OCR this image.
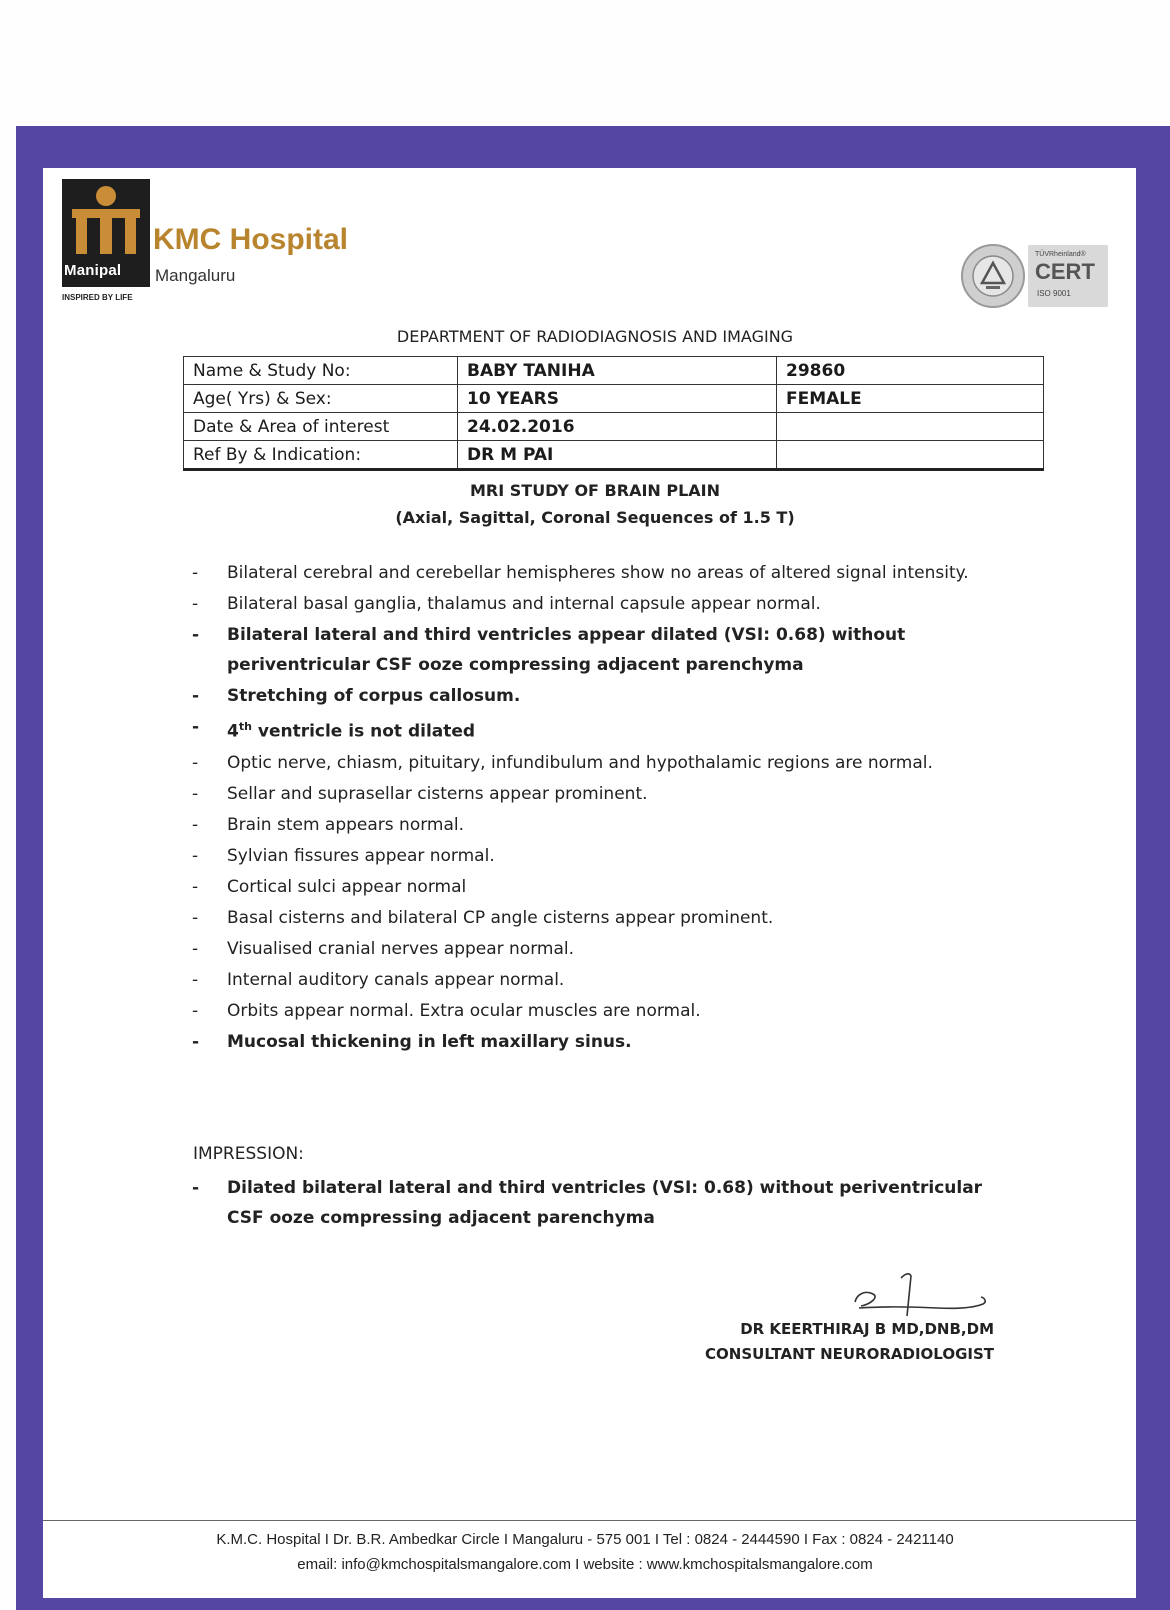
Manipal
INSPIRED BY LIFE
KMC Hospital
Mangaluru
TÜVRheinland®
CERT
ISO 9001
DEPARTMENT OF RADIODIAGNOSIS AND IMAGING
Name & Study No:	BABY TANIHA	29860
Age( Yrs) & Sex:	10 YEARS	FEMALE
Date & Area of interest	24.02.2016	
Ref By & Indication:	DR M PAI	
MRI STUDY OF BRAIN PLAIN
(Axial, Sagittal, Coronal Sequences of 1.5 T)
- Bilateral cerebral and cerebellar hemispheres show no areas of altered signal intensity.
- Bilateral basal ganglia, thalamus and internal capsule appear normal.
- Bilateral lateral and third ventricles appear dilated (VSI: 0.68) without periventricular CSF ooze compressing adjacent parenchyma
- Stretching of corpus callosum.
- 4th ventricle is not dilated
- Optic nerve, chiasm, pituitary, infundibulum and hypothalamic regions are normal.
- Sellar and suprasellar cisterns appear prominent.
- Brain stem appears normal.
- Sylvian fissures appear normal.
- Cortical sulci appear normal
- Basal cisterns and bilateral CP angle cisterns appear prominent.
- Visualised cranial nerves appear normal.
- Internal auditory canals appear normal.
- Orbits appear normal. Extra ocular muscles are normal.
- Mucosal thickening in left maxillary sinus.
IMPRESSION:
- Dilated bilateral lateral and third ventricles (VSI: 0.68) without periventricular CSF ooze compressing adjacent parenchyma
DR KEERTHIRAJ B MD,DNB,DM
CONSULTANT NEURORADIOLOGIST
K.M.C. Hospital I Dr. B.R. Ambedkar Circle I Mangaluru - 575 001 I Tel : 0824 - 2444590 I Fax : 0824 - 2421140
email: info@kmchospitalsmangalore.com I website : www.kmchospitalsmangalore.com
